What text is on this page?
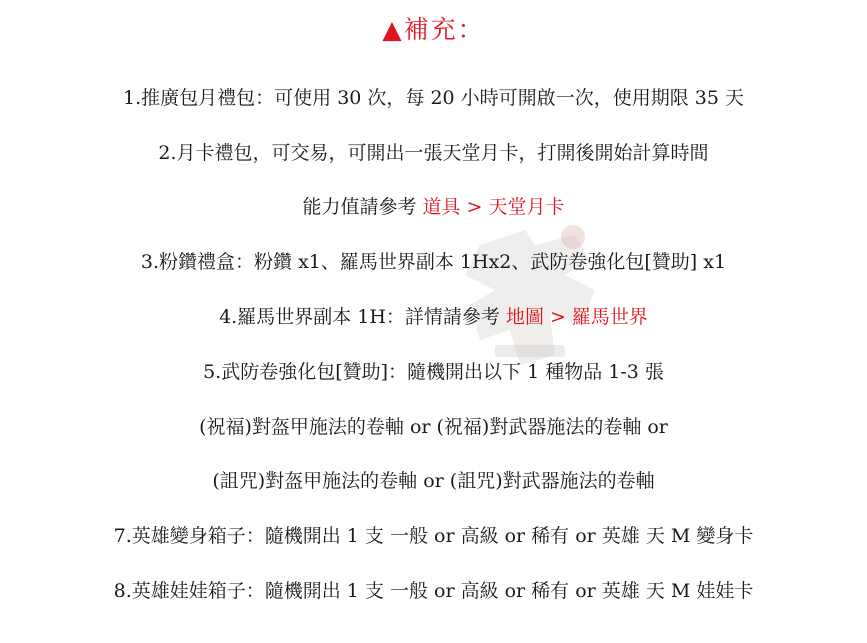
▲補充：
1.推廣包月禮包：可使用 30 次，每 20 小時可開啟一次，使用期限 35 天
2.月卡禮包，可交易，可開出一張天堂月卡，打開後開始計算時間
能力值請參考 道具 > 天堂月卡
3.粉鑽禮盒：粉鑽 x1、羅馬世界副本 1Hx2、武防卷強化包[贊助] x1
4.羅馬世界副本 1H：詳情請參考 地圖 > 羅馬世界
5.武防卷強化包[贊助]：隨機開出以下 1 種物品 1-3 張
(祝福)對盔甲施法的卷軸 or (祝福)對武器施法的卷軸 or
(詛咒)對盔甲施法的卷軸 or (詛咒)對武器施法的卷軸
7.英雄變身箱子：隨機開出 1 支 一般 or 高級 or 稀有 or 英雄 天 M 變身卡
8.英雄娃娃箱子：隨機開出 1 支 一般 or 高級 or 稀有 or 英雄 天 M 娃娃卡
